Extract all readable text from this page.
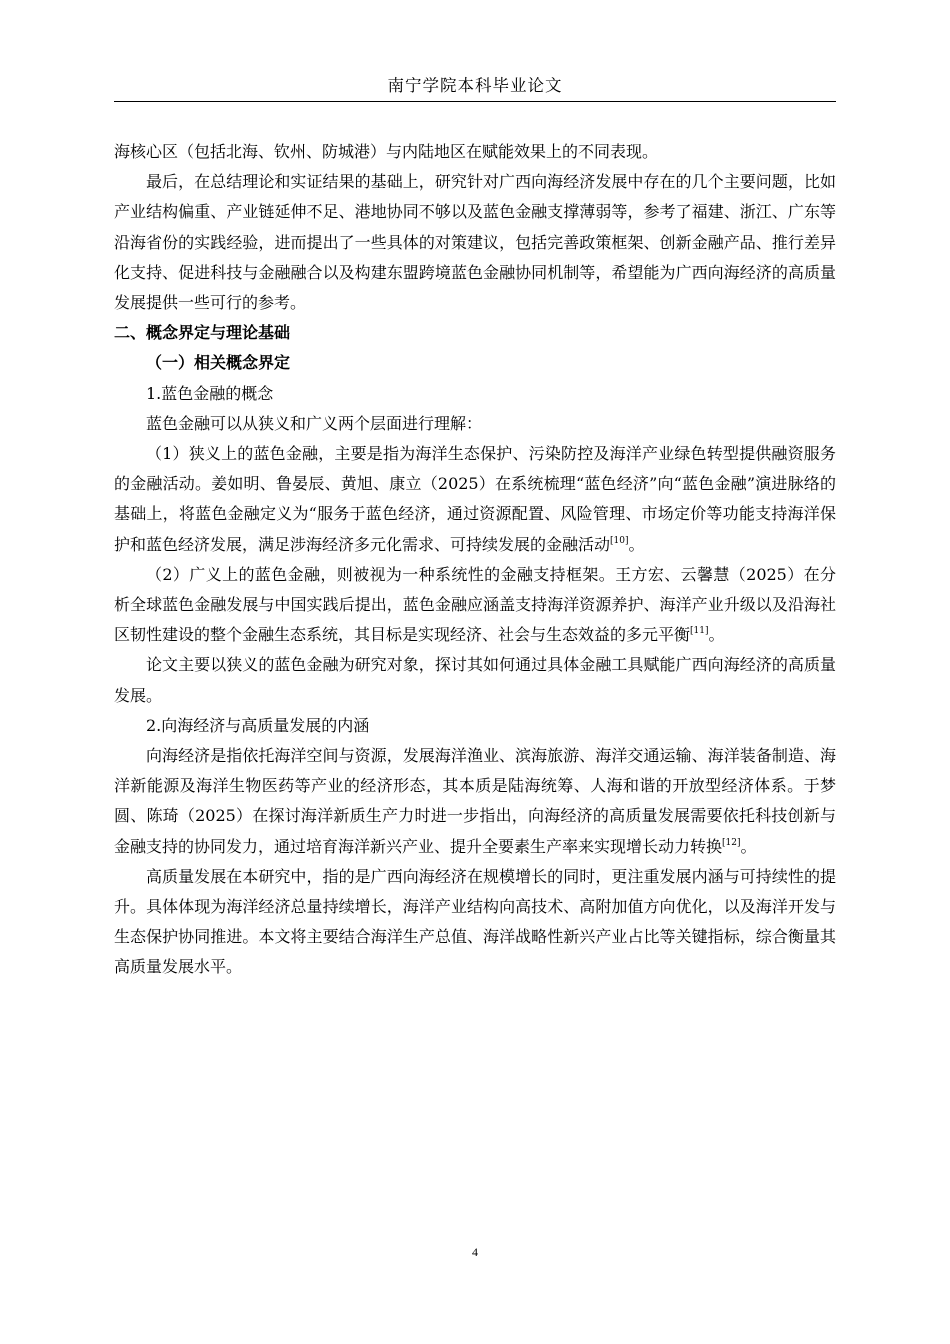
南宁学院本科毕业论文

海核心区（包括北海、钦州、防城港）与内陆地区在赋能效果上的不同表现。

最后，在总结理论和实证结果的基础上，研究针对广西向海经济发展中存在的几个主要问题，比如产业结构偏重、产业链延伸不足、港地协同不够以及蓝色金融支撑薄弱等，参考了福建、浙江、广东等沿海省份的实践经验，进而提出了一些具体的对策建议，包括完善政策框架、创新金融产品、推行差异化支持、促进科技与金融融合以及构建东盟跨境蓝色金融协同机制等，希望能为广西向海经济的高质量发展提供一些可行的参考。

二、概念界定与理论基础

（一）相关概念界定

1.蓝色金融的概念

蓝色金融可以从狭义和广义两个层面进行理解：

（1）狭义上的蓝色金融，主要是指为海洋生态保护、污染防控及海洋产业绿色转型提供融资服务的金融活动。姜如明、鲁晏辰、黄旭、康立（2025）在系统梳理“蓝色经济”向“蓝色金融”演进脉络的基础上，将蓝色金融定义为“服务于蓝色经济，通过资源配置、风险管理、市场定价等功能支持海洋保护和蓝色经济发展，满足涉海经济多元化需求、可持续发展的金融活动[10]。

（2）广义上的蓝色金融，则被视为一种系统性的金融支持框架。王方宏、云馨慧（2025）在分析全球蓝色金融发展与中国实践后提出，蓝色金融应涵盖支持海洋资源养护、海洋产业升级以及沿海社区韧性建设的整个金融生态系统，其目标是实现经济、社会与生态效益的多元平衡[11]。

论文主要以狭义的蓝色金融为研究对象，探讨其如何通过具体金融工具赋能广西向海经济的高质量发展。

2.向海经济与高质量发展的内涵

向海经济是指依托海洋空间与资源，发展海洋渔业、滨海旅游、海洋交通运输、海洋装备制造、海洋新能源及海洋生物医药等产业的经济形态，其本质是陆海统筹、人海和谐的开放型经济体系。于梦圆、陈琦（2025）在探讨海洋新质生产力时进一步指出，向海经济的高质量发展需要依托科技创新与金融支持的协同发力，通过培育海洋新兴产业、提升全要素生产率来实现增长动力转换[12]。

高质量发展在本研究中，指的是广西向海经济在规模增长的同时，更注重发展内涵与可持续性的提升。具体体现为海洋经济总量持续增长，海洋产业结构向高技术、高附加值方向优化，以及海洋开发与生态保护协同推进。本文将主要结合海洋生产总值、海洋战略性新兴产业占比等关键指标，综合衡量其高质量发展水平。

4
